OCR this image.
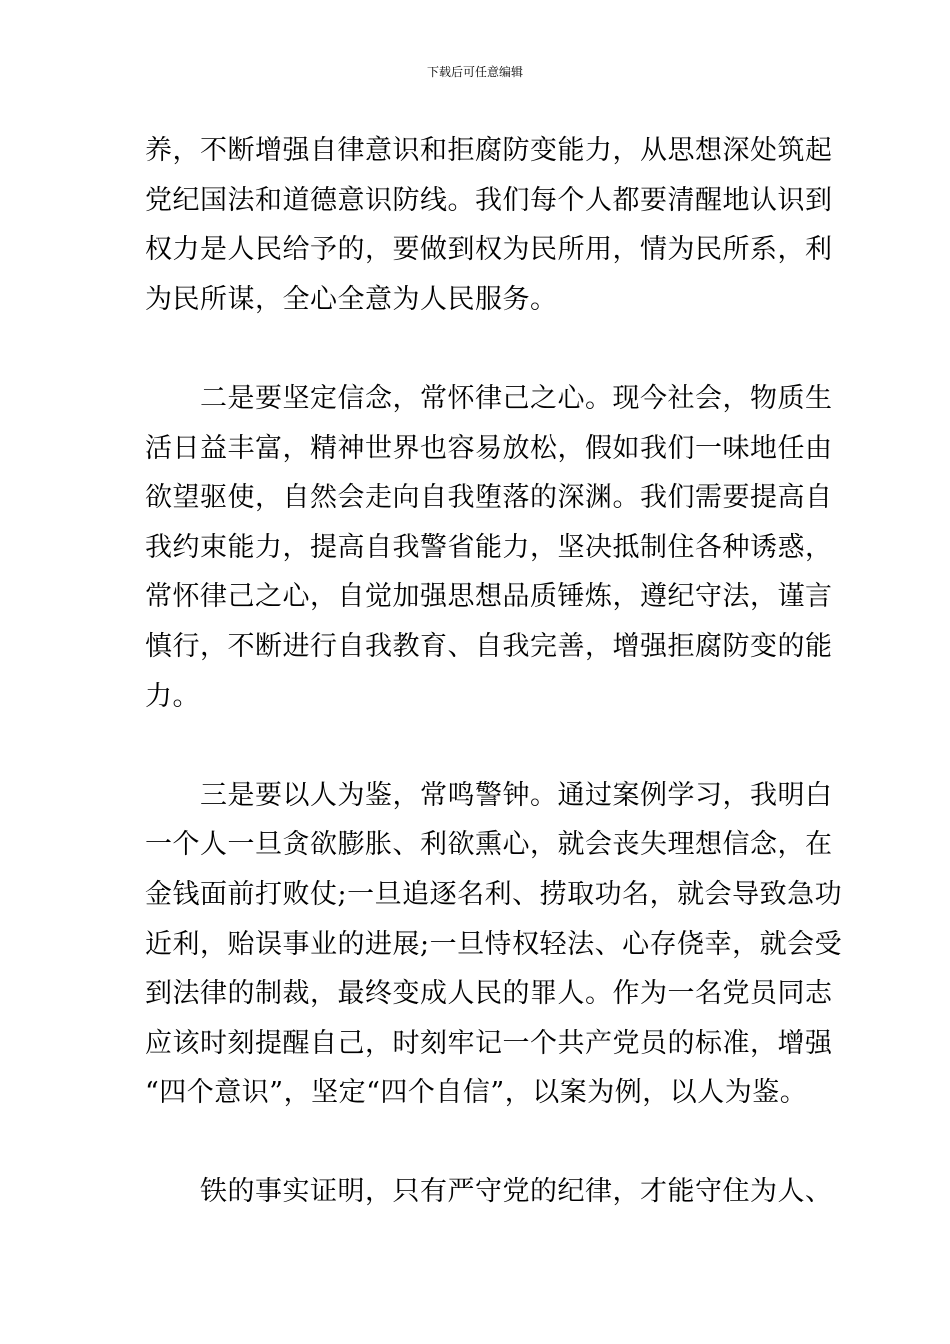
下载后可任意编辑

养，不断增强自律意识和拒腐防变能力，从思想深处筑起
党纪国法和道德意识防线。我们每个人都要清醒地认识到
权力是人民给予的，要做到权为民所用，情为民所系，利
为民所谋，全心全意为人民服务。

　　二是要坚定信念，常怀律己之心。现今社会，物质生
活日益丰富，精神世界也容易放松，假如我们一味地任由
欲望驱使，自然会走向自我堕落的深渊。我们需要提高自
我约束能力，提高自我警省能力，坚决抵制住各种诱惑，
常怀律己之心，自觉加强思想品质锤炼，遵纪守法，谨言
慎行，不断进行自我教育、自我完善，增强拒腐防变的能
力。

　　三是要以人为鉴，常鸣警钟。通过案例学习，我明白
一个人一旦贪欲膨胀、利欲熏心，就会丧失理想信念，在
金钱面前打败仗;一旦追逐名利、捞取功名，就会导致急功
近利，贻误事业的进展;一旦恃权轻法、心存侥幸，就会受
到法律的制裁，最终变成人民的罪人。作为一名党员同志
应该时刻提醒自己，时刻牢记一个共产党员的标准，增强
“四个意识”，坚定“四个自信”，以案为例，以人为鉴。

　　铁的事实证明，只有严守党的纪律，才能守住为人、
